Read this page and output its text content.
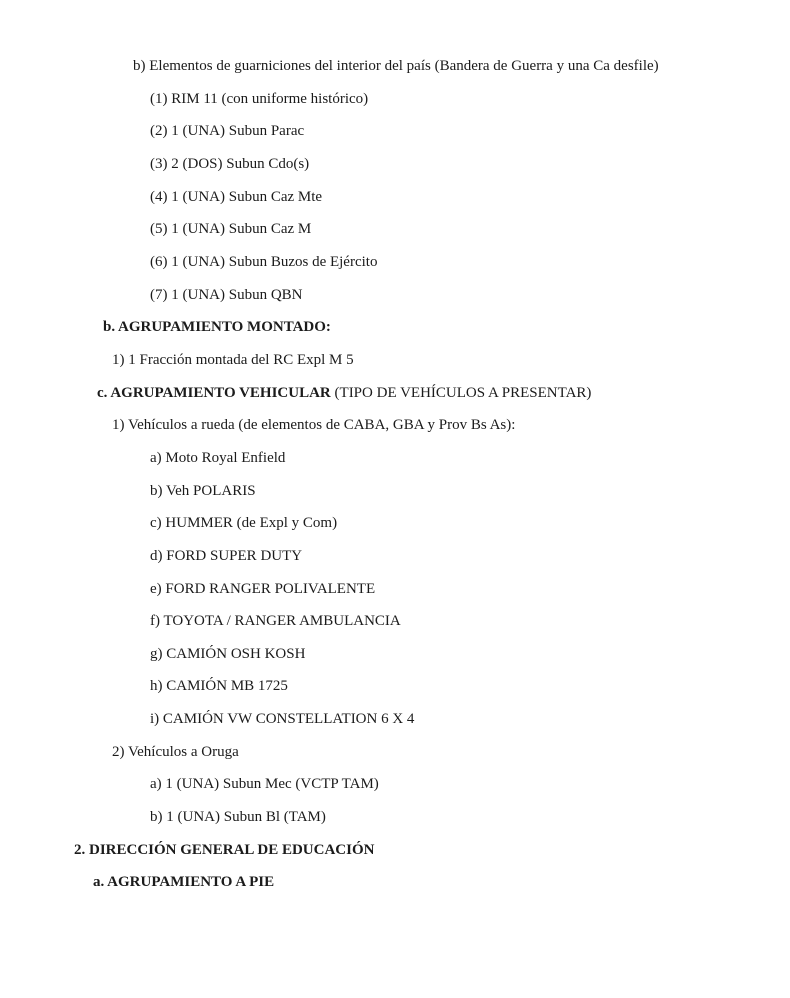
b) Elementos de guarniciones del interior del país (Bandera de Guerra y una Ca desfile)
(1) RIM 11 (con uniforme histórico)
(2) 1 (UNA) Subun Parac
(3) 2 (DOS) Subun Cdo(s)
(4) 1 (UNA) Subun Caz Mte
(5) 1 (UNA) Subun Caz M
(6) 1 (UNA) Subun Buzos de Ejército
(7) 1 (UNA) Subun QBN
b. AGRUPAMIENTO MONTADO:
1) 1 Fracción montada del RC Expl M 5
c. AGRUPAMIENTO VEHICULAR (TIPO DE VEHÍCULOS A PRESENTAR)
1) Vehículos a rueda (de elementos de CABA, GBA y Prov Bs As):
a) Moto Royal Enfield
b) Veh POLARIS
c) HUMMER (de Expl y Com)
d) FORD SUPER DUTY
e) FORD RANGER POLIVALENTE
f) TOYOTA / RANGER AMBULANCIA
g) CAMIÓN OSH KOSH
h) CAMIÓN MB 1725
i) CAMIÓN VW CONSTELLATION 6 X 4
2) Vehículos a Oruga
a) 1 (UNA) Subun Mec (VCTP TAM)
b) 1 (UNA) Subun Bl (TAM)
2. DIRECCIÓN GENERAL DE EDUCACIÓN
a. AGRUPAMIENTO A PIE
